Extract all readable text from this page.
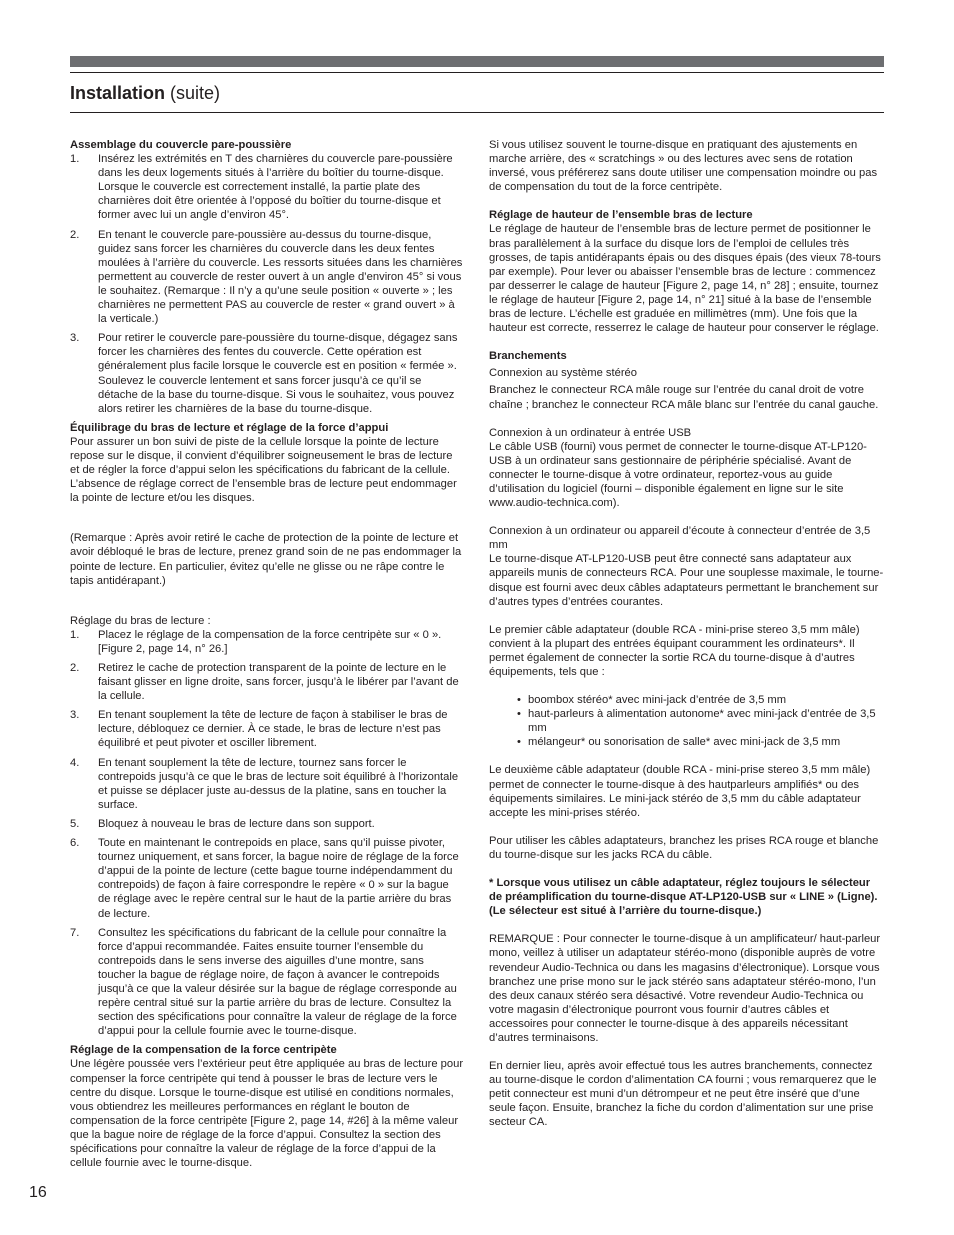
Installation (suite)

Assemblage du couvercle pare-poussière

1. Insérez les extrémités en T des charnières du couvercle pare-poussière dans les deux logements situés à l’arrière du boîtier du tourne-disque. Lorsque le couvercle est correctement installé, la partie plate des charnières doit être orientée à l’opposé du boîtier du tourne-disque et former avec lui un angle d’environ 45°.
2. En tenant le couvercle pare-poussière au-dessus du tourne-disque, guidez sans forcer les charnières du couvercle dans les deux fentes moulées à l’arrière du couvercle. Les ressorts situées dans les charnières permettent au couvercle de rester ouvert à un angle d’environ 45° si vous le souhaitez. (Remarque : Il n’y a qu’une seule position « ouverte » ; les charnières ne permettent PAS au couvercle de rester « grand ouvert » à la verticale.)
3. Pour retirer le couvercle pare-poussière du tourne-disque, dégagez sans forcer les charnières des fentes du couvercle. Cette opération est généralement plus facile lorsque le couvercle est en position « fermée ». Soulevez le couvercle lentement et sans forcer jusqu’à ce qu’il se détache de la base du tourne-disque. Si vous le souhaitez, vous pouvez alors retirer les charnières de la base du tourne-disque.

Équilibrage du bras de lecture et réglage de la force d’appui

Pour assurer un bon suivi de piste de la cellule lorsque la pointe de lecture repose sur le disque, il convient d’équilibrer soigneusement le bras de lecture et de régler la force d’appui selon les spécifications du fabricant de la cellule. L’absence de réglage correct de l’ensemble bras de lecture peut endommager la pointe de lecture et/ou les disques.

(Remarque : Après avoir retiré le cache de protection de la pointe de lecture et avoir débloqué le bras de lecture, prenez grand soin de ne pas endommager la pointe de lecture. En particulier, évitez qu’elle ne glisse ou ne râpe contre le tapis antidérapant.)

Réglage du bras de lecture :

1. Placez le réglage de la compensation de la force centripète sur « 0 ». [Figure 2, page 14, n° 26.]
2. Retirez le cache de protection transparent de la pointe de lecture en le faisant glisser en ligne droite, sans forcer, jusqu’à le libérer par l’avant de la cellule.
3. En tenant souplement la tête de lecture de façon à stabiliser le bras de lecture, débloquez ce dernier. À ce stade, le bras de lecture n’est pas équilibré et peut pivoter et osciller librement.
4. En tenant souplement la tête de lecture, tournez sans forcer le contrepoids jusqu’à ce que le bras de lecture soit équilibré à l’horizontale et puisse se déplacer juste au-dessus de la platine, sans en toucher la surface.
5. Bloquez à nouveau le bras de lecture dans son support.
6. Toute en maintenant le contrepoids en place, sans qu’il puisse pivoter, tournez uniquement, et sans forcer, la bague noire de réglage de la force d’appui de la pointe de lecture (cette bague tourne indépendamment du contrepoids) de façon à faire correspondre le repère « 0 » sur la bague de réglage avec le repère central sur le haut de la partie arrière du bras de lecture.
7. Consultez les spécifications du fabricant de la cellule pour connaître la force d’appui recommandée. Faites ensuite tourner l’ensemble du contrepoids dans le sens inverse des aiguilles d’une montre, sans toucher la bague de réglage noire, de façon à avancer le contrepoids jusqu’à ce que la valeur désirée sur la bague de réglage corresponde au repère central situé sur la partie arrière du bras de lecture. Consultez la section des spécifications pour connaître la valeur de réglage de la force d’appui pour la cellule fournie avec le tourne-disque.

Réglage de la compensation de la force centripète

Une légère poussée vers l’extérieur peut être appliquée au bras de lecture pour compenser la force centripète qui tend à pousser le bras de lecture vers le centre du disque. Lorsque le tourne-disque est utilisé en conditions normales, vous obtiendrez les meilleures performances en réglant le bouton de compensation de la force centripète [Figure 2, page 14, #26] à la même valeur que la bague noire de réglage de la force d’appui. Consultez la section des spécifications pour connaître la valeur de réglage de la force d’appui de la cellule fournie avec le tourne-disque.

Si vous utilisez souvent le tourne-disque en pratiquant des ajustements en marche arrière, des « scratchings » ou des lectures avec sens de rotation inversé, vous préférerez sans doute utiliser une compensation moindre ou pas de compensation du tout de la force centripète.

Réglage de hauteur de l’ensemble bras de lecture

Le réglage de hauteur de l’ensemble bras de lecture permet de positionner le bras parallèlement à la surface du disque lors de l’emploi de cellules très grosses, de tapis antidérapants épais ou des disques épais (des vieux 78-tours par exemple). Pour lever ou abaisser l’ensemble bras de lecture : commencez par desserrer le calage de hauteur [Figure 2, page 14, n° 28] ; ensuite, tournez le réglage de hauteur [Figure 2, page 14, n° 21] situé à la base de l’ensemble bras de lecture. L’échelle est graduée en millimètres (mm). Une fois que la hauteur est correcte, resserrez le calage de hauteur pour conserver le réglage.

Branchements

Connexion au système stéréo

Branchez le connecteur RCA mâle rouge sur l’entrée du canal droit de votre chaîne ; branchez le connecteur RCA mâle blanc sur l’entrée du canal gauche.

Connexion à un ordinateur à entrée USB
Le câble USB (fourni) vous permet de connecter le tourne-disque AT-LP120-USB à un ordinateur sans gestionnaire de périphérie spécialisé. Avant de connecter le tourne-disque à votre ordinateur, reportez-vous au guide d’utilisation du logiciel (fourni – disponible également en ligne sur le site www.audio-technica.com).

Connexion à un ordinateur ou appareil d’écoute à connecteur d’entrée de 3,5 mm

Le tourne-disque AT-LP120-USB peut être connecté sans adaptateur aux appareils munis de connecteurs RCA. Pour une souplesse maximale, le tourne-disque est fourni avec deux câbles adaptateurs permettant le branchement sur d’autres types d’entrées courantes.

Le premier câble adaptateur (double RCA - mini-prise stereo 3,5 mm mâle) convient à la plupart des entrées équipant couramment les ordinateurs*. Il permet également de connecter la sortie RCA du tourne-disque à d’autres équipements, tels que :

• boombox stéréo* avec mini-jack d’entrée de 3,5 mm
• haut-parleurs à alimentation autonome* avec mini-jack d’entrée de 3,5 mm
• mélangeur* ou sonorisation de salle* avec mini-jack de 3,5 mm

Le deuxième câble adaptateur (double RCA - mini-prise stereo 3,5 mm mâle) permet de connecter le tourne-disque à des hautparleurs amplifiés* ou des équipements similaires. Le mini-jack stéréo de 3,5 mm du câble adaptateur accepte les mini-prises stéréo.

Pour utiliser les câbles adaptateurs, branchez les prises RCA rouge et blanche du tourne-disque sur les jacks RCA du câble.

* Lorsque vous utilisez un câble adaptateur, réglez toujours le sélecteur de préamplification du tourne-disque AT-LP120-USB sur « LINE » (Ligne). (Le sélecteur est situé à l’arrière du tourne-disque.)

REMARQUE : Pour connecter le tourne-disque à un amplificateur/ haut-parleur mono, veillez à utiliser un adaptateur stéréo-mono (disponible auprès de votre revendeur Audio-Technica ou dans les magasins d’électronique). Lorsque vous branchez une prise mono sur le jack stéréo sans adaptateur stéréo-mono, l’un des deux canaux stéréo sera désactivé. Votre revendeur Audio-Technica ou votre magasin d’électronique pourront vous fournir d’autres câbles et accessoires pour connecter le tourne-disque à des appareils nécessitant d’autres terminaisons.

En dernier lieu, après avoir effectué tous les autres branchements, connectez au tourne-disque le cordon d’alimentation CA fourni ; vous remarquerez que le petit connecteur est muni d’un détrompeur et ne peut être inséré que d’une seule façon. Ensuite, branchez la fiche du cordon d’alimentation sur une prise secteur CA.

16
